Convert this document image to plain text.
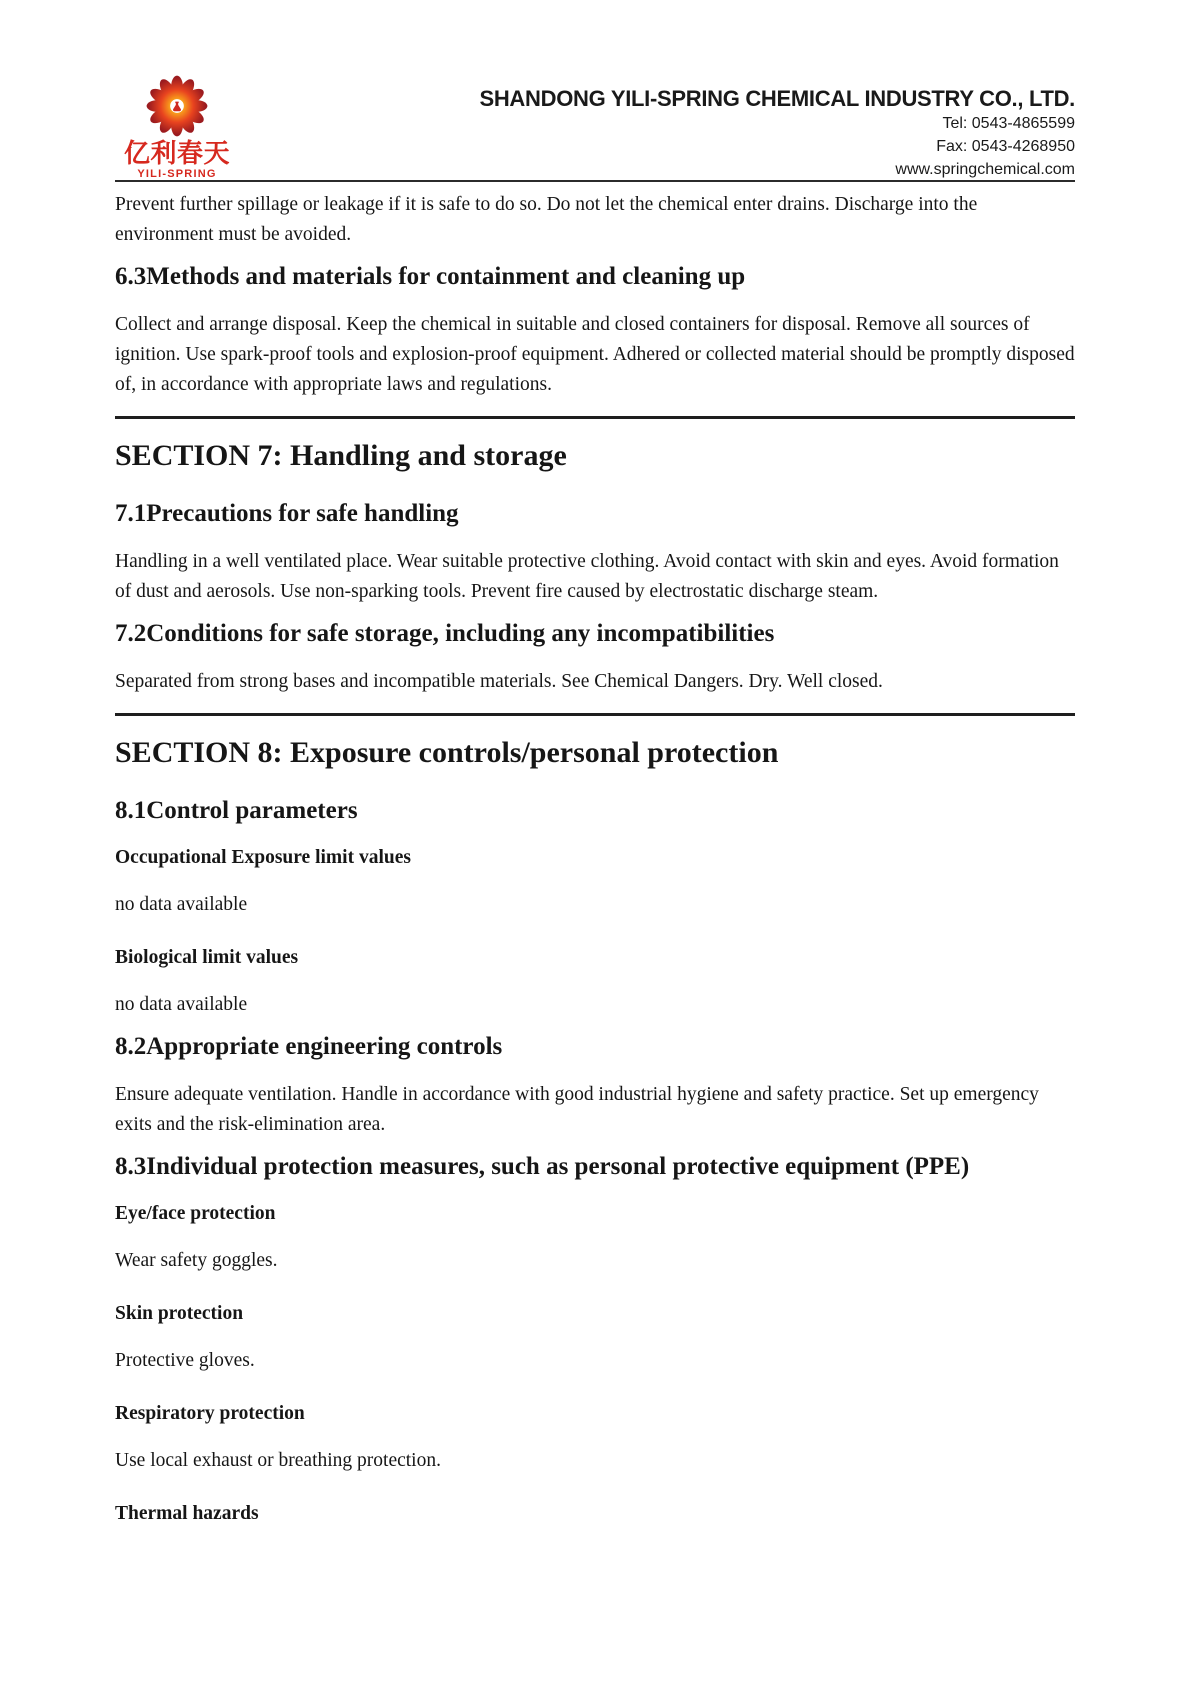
亿利春天
YILI-SPRING
SHANDONG YILI-SPRING CHEMICAL INDUSTRY CO., LTD.
Tel: 0543-4865599
Fax: 0543-4268950
www.springchemical.com

Prevent further spillage or leakage if it is safe to do so. Do not let the chemical enter drains. Discharge into the environment must be avoided.

6.3Methods and materials for containment and cleaning up

Collect and arrange disposal. Keep the chemical in suitable and closed containers for disposal. Remove all sources of ignition. Use spark-proof tools and explosion-proof equipment. Adhered or collected material should be promptly disposed of, in accordance with appropriate laws and regulations.

SECTION 7: Handling and storage
7.1Precautions for safe handling

Handling in a well ventilated place. Wear suitable protective clothing. Avoid contact with skin and eyes. Avoid formation of dust and aerosols. Use non-sparking tools. Prevent fire caused by electrostatic discharge steam.

7.2Conditions for safe storage, including any incompatibilities

Separated from strong bases and incompatible materials. See Chemical Dangers. Dry. Well closed.

SECTION 8: Exposure controls/personal protection
8.1Control parameters
Occupational Exposure limit values

no data available

Biological limit values

no data available

8.2Appropriate engineering controls

Ensure adequate ventilation. Handle in accordance with good industrial hygiene and safety practice. Set up emergency exits and the risk-elimination area.

8.3Individual protection measures, such as personal protective equipment (PPE)
Eye/face protection

Wear safety goggles.

Skin protection

Protective gloves.

Respiratory protection

Use local exhaust or breathing protection.

Thermal hazards
